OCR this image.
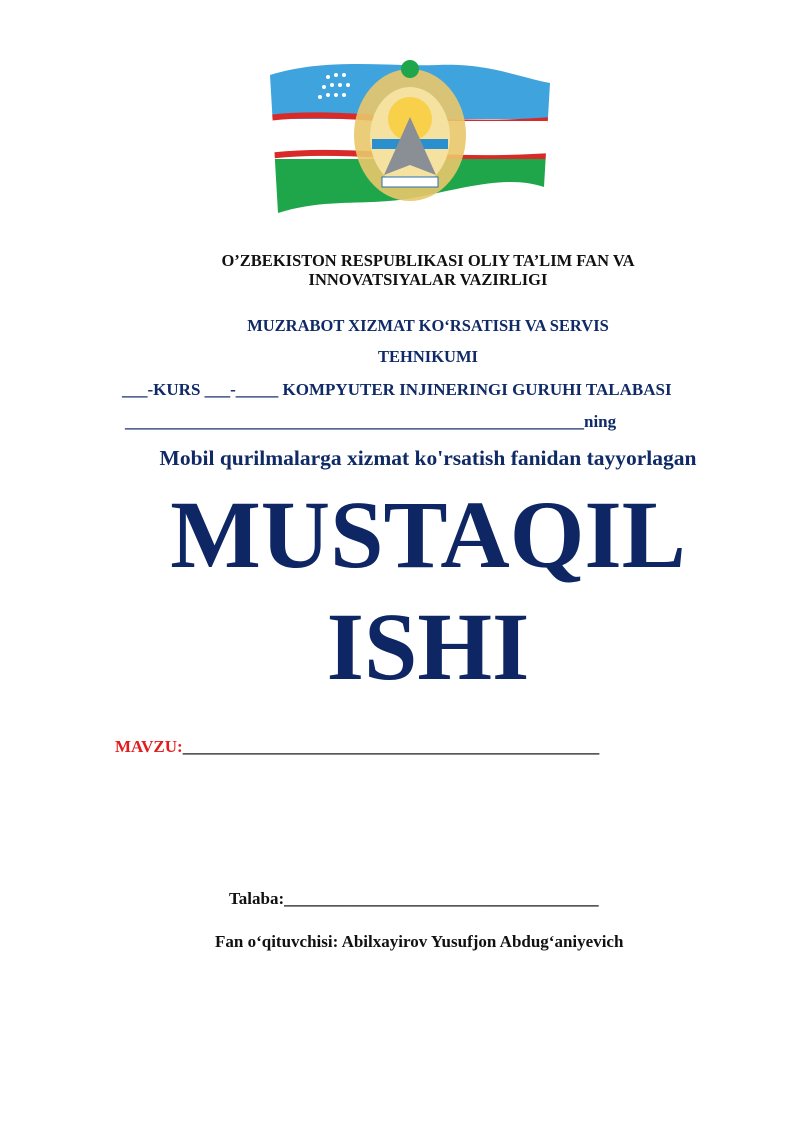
O’ZBEKISTON RESPUBLIKASI OLIY TA’LIM FAN VA
INNOVATSIYALAR VAZIRLIGI
MUZRABOT XIZMAT KO‘RSATISH VA SERVIS
TEHNIKUMI
___-KURS ___-_____ KOMPYUTER INJINERINGI GURUHI TALABASI
______________________________________________________ning
Mobil qurilmalarga xizmat ko'rsatish fanidan tayyorlagan
MUSTAQIL
ISHI
MAVZU:_________________________________________________
Talaba:_____________________________________
Fan o‘qituvchisi: Abilxayirov Yusufjon Abdug‘aniyevich
